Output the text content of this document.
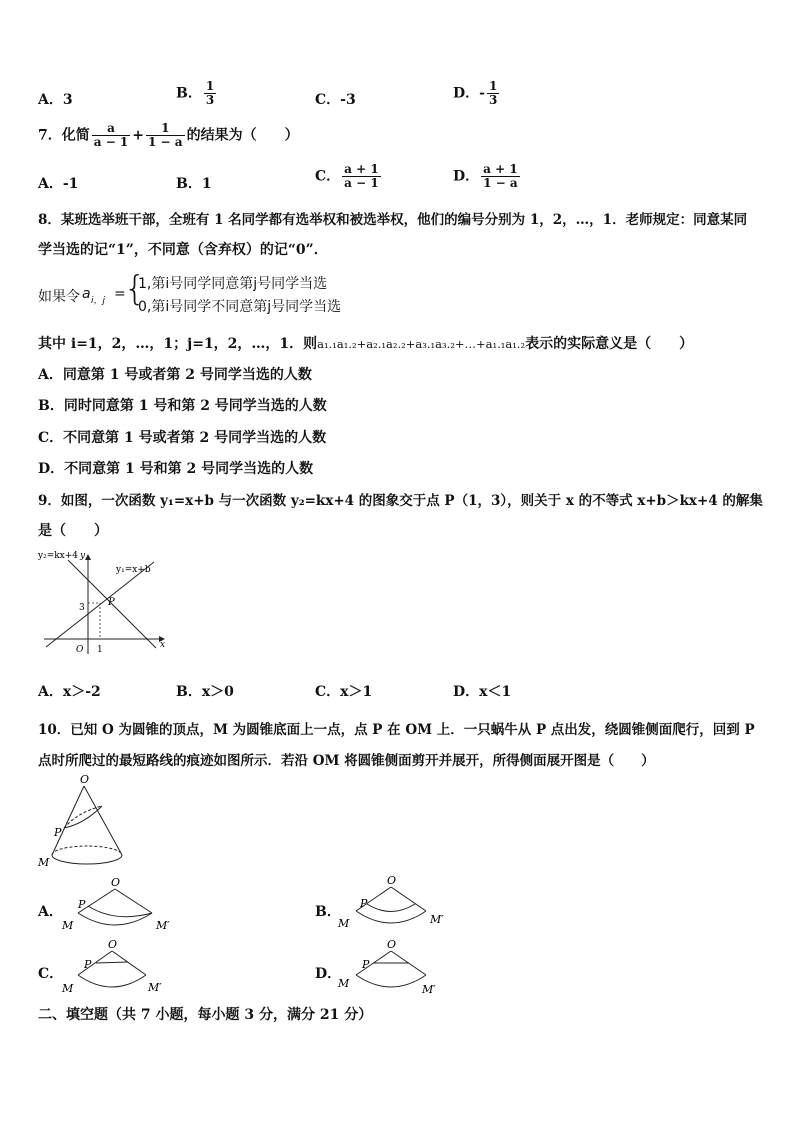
A．3	B． $\frac{1}{3}$	C．-3	D．- $\frac{1}{3}$
7．化简 $\frac{a}{a - 1} + \frac{1}{1 - a}$ 的结果为（　　）
A．-1	B．1	C． $\frac{a + 1}{a - 1}$	D． $\frac{a + 1}{1 - a}$
8．某班选举班干部，全班有 1 名同学都有选举权和被选举权，他们的编号分别为 1，2，…，1．老师规定：同意某同
学当选的记“1”，不同意（含弃权）的记“0”．
如果令 a i，j =
{
1,第i号同学同意第j号同学当选
0,第i号同学不同意第j号同学当选
其中 i=1，2，…，1；j=1，2，…，1．则a₁.₁a₁.₂+a₂.₁a₂.₂+a₃.₁a₃.₂+…+a₁.₁a₁.₂表示的实际意义是（　　）
A．同意第 1 号或者第 2 号同学当选的人数
B．同时同意第 1 号和第 2 号同学当选的人数
C．不同意第 1 号或者第 2 号同学当选的人数
D．不同意第 1 号和第 2 号同学当选的人数
9．如图，一次函数 y₁=x+b 与一次函数 y₂=kx+4 的图象交于点 P（1，3），则关于 x 的不等式 x+b＞kx+4 的解集
是（　　）
y₂=kx+4 y
y₁=x+b
P
3
O 1	x
A．x＞-2	B．x＞0	C．x＞1	D．x＜1
10．已知 O 为圆锥的顶点，M 为圆锥底面上一点，点 P 在 OM 上．一只蜗牛从 P 点出发，绕圆锥侧面爬行，回到 P
点时所爬过的最短路线的痕迹如图所示．若沿 OM 将圆锥侧面剪开并展开，所得侧面展开图是（　　）
O
P
M
A．
O
P
M	M′
B．
O
P
M	M′
C．
O
P
M	M′
D．
O
P
M	M′
二、填空题（共 7 小题，每小题 3 分，满分 21 分）
